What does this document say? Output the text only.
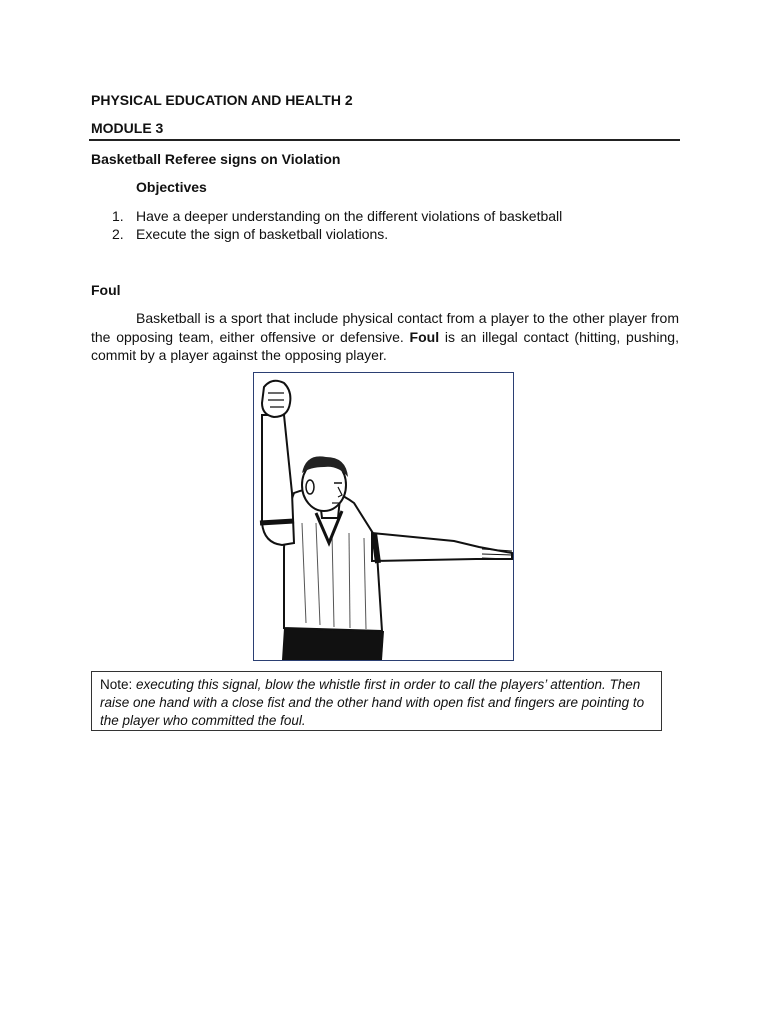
PHYSICAL EDUCATION AND HEALTH 2
MODULE 3
Basketball Referee signs on Violation
Objectives
1. Have a deeper understanding on the different violations of basketball
2. Execute the sign of basketball violations.
Foul
Basketball is a sport that include physical contact from a player to the other player from the opposing team, either offensive or defensive. Foul is an illegal contact (hitting, pushing, commit by a player against the opposing player.
Note: executing this signal, blow the whistle first in order to call the players’ attention. Then raise one hand with a close fist and the other hand with open fist and fingers are pointing to the player who committed the foul.
